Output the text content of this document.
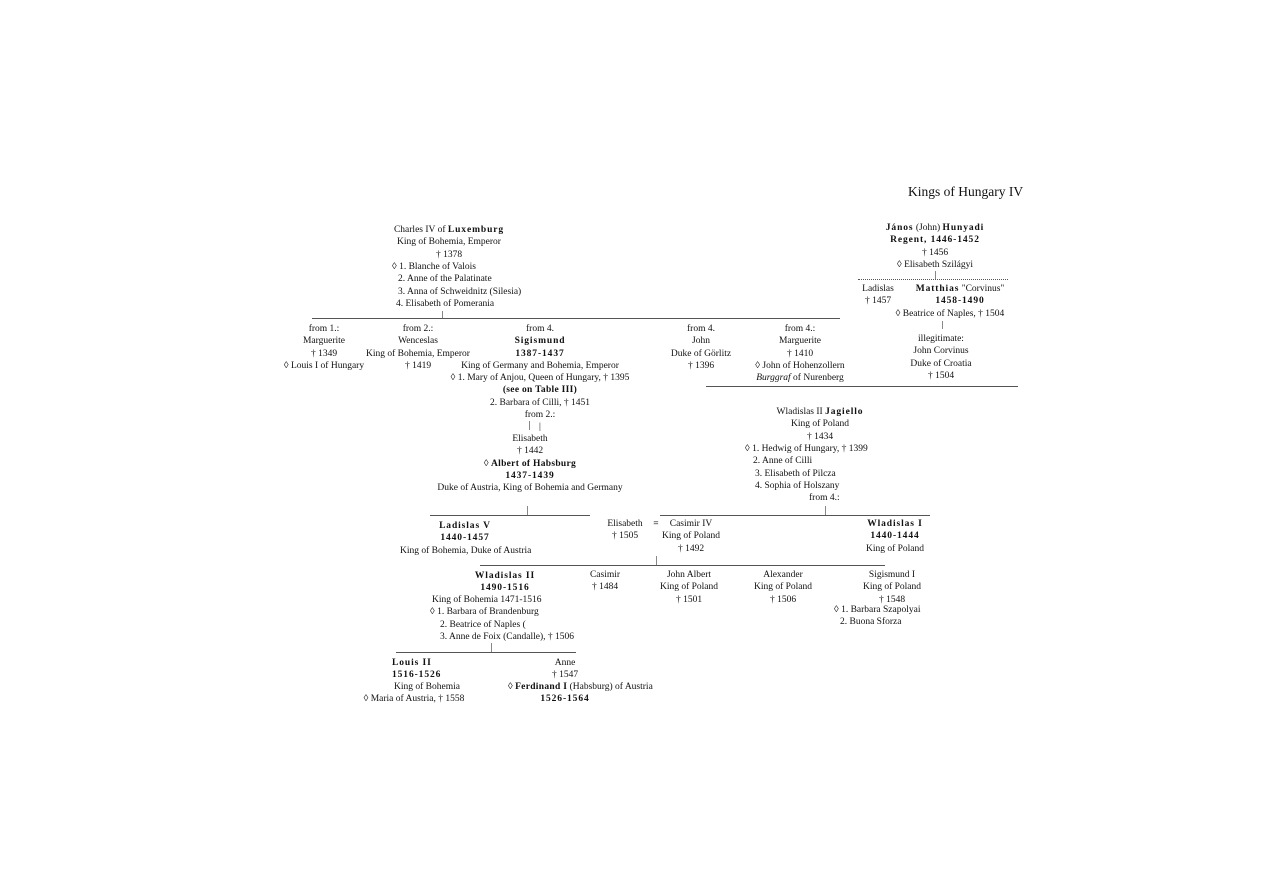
Kings of Hungary IV
Charles IV of Luxemburg
King of Bohemia, Emperor
† 1378
◊ 1. Blanche of Valois
2. Anne of the Palatinate
3. Anna of Schweidnitz (Silesia)
4. Elisabeth of Pomerania
János (John) Hunyadi
Regent, 1446-1452
† 1456
◊ Elisabeth Szilágyi
Ladislas
† 1457
Matthias "Corvinus"
1458-1490
◊ Beatrice of Naples, † 1504
illegitimate:
John Corvinus
Duke of Croatia
† 1504
from 1.:
Marguerite
† 1349
◊ Louis I of Hungary
from 2.:
Wenceslas
King of Bohemia, Emperor
† 1419
from 4.
Sigismund
1387-1437
King of Germany and Bohemia, Emperor
◊ 1. Mary of Anjou, Queen of Hungary, † 1395
(see on Table III)
2. Barbara of Cilli, † 1451
from 2.:
|
from 4.
John
Duke of Görlitz
† 1396
from 4.:
Marguerite
† 1410
◊ John of Hohenzollern
Burggraf of Nurenberg
Elisabeth
† 1442
◊ Albert of Habsburg
1437-1439
Duke of Austria, King of Bohemia and Germany
Wladislas II Jagiello
King of Poland
† 1434
◊ 1. Hedwig of Hungary, † 1399
2. Anne of Cilli
3. Elisabeth of Pilcza
4. Sophia of Holszany
from 4.:
Ladislas V
1440-1457
King of Bohemia, Duke of Austria
Elisabeth
† 1505
=	Casimir IV
King of Poland
† 1492
Wladislas I
1440-1444
King of Poland
Wladislas II
1490-1516
King of Bohemia 1471-1516
◊ 1. Barbara of Brandenburg
2. Beatrice of Naples (
3. Anne de Foix (Candalle), † 1506
Casimir
† 1484
John Albert
King of Poland
† 1501
Alexander
King of Poland
† 1506
Sigismund I
King of Poland
† 1548
◊ 1. Barbara Szapolyai
2. Buona Sforza
Louis II
1516-1526
King of Bohemia
◊ Maria of Austria, † 1558
Anne
† 1547
◊ Ferdinand I (Habsburg) of Austria
1526-1564
